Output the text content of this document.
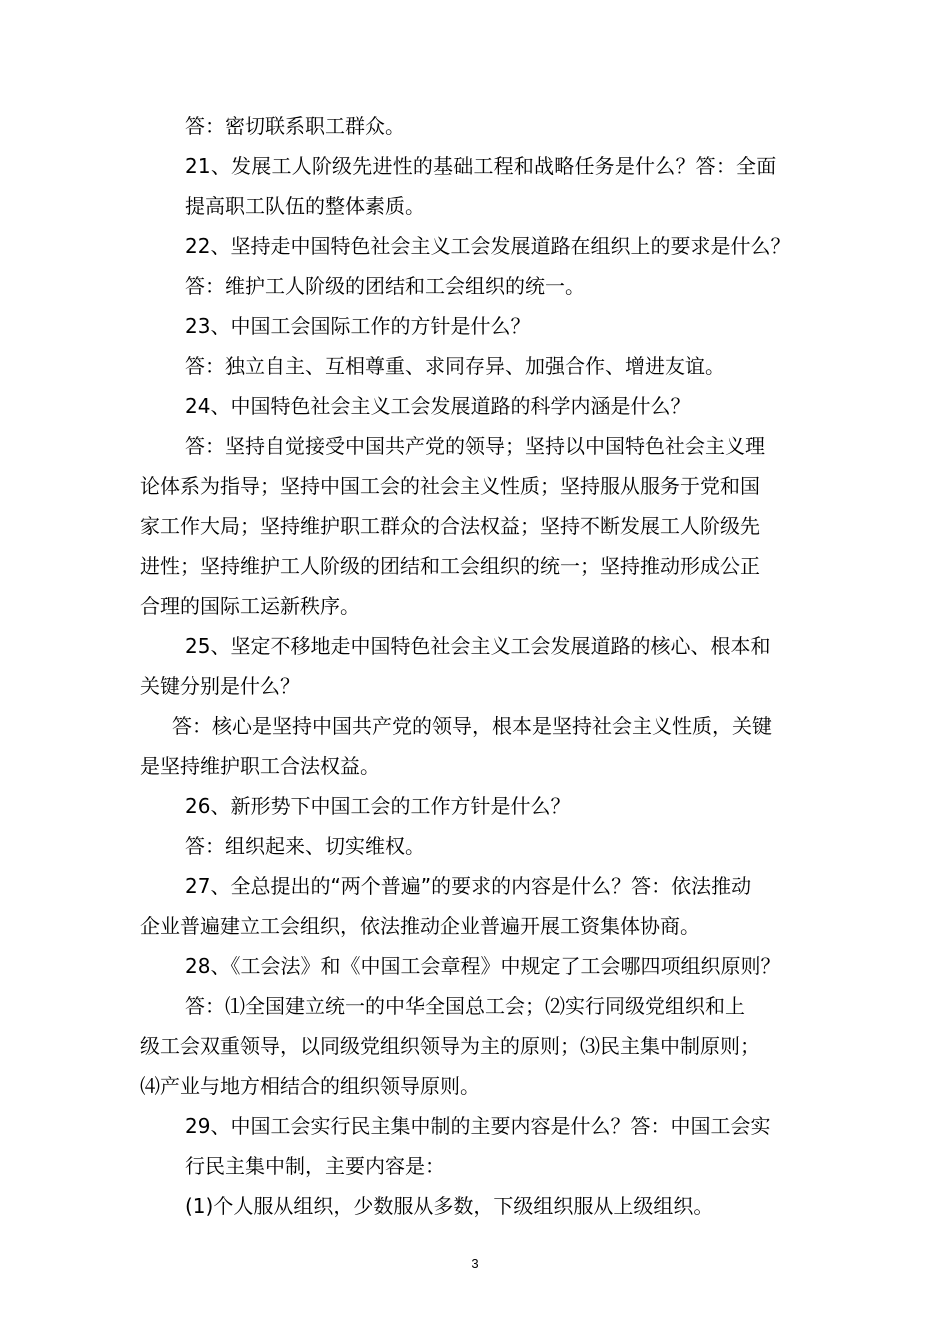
答：密切联系职工群众。
21、发展工人阶级先进性的基础工程和战略任务是什么？答：全面
提高职工队伍的整体素质。
22、坚持走中国特色社会主义工会发展道路在组织上的要求是什么？
答：维护工人阶级的团结和工会组织的统一。
23、中国工会国际工作的方针是什么？
答：独立自主、互相尊重、求同存异、加强合作、增进友谊。
24、中国特色社会主义工会发展道路的科学内涵是什么？
答：坚持自觉接受中国共产党的领导；坚持以中国特色社会主义理
论体系为指导；坚持中国工会的社会主义性质；坚持服从服务于党和国
家工作大局；坚持维护职工群众的合法权益；坚持不断发展工人阶级先
进性；坚持维护工人阶级的团结和工会组织的统一；坚持推动形成公正
合理的国际工运新秩序。
25、坚定不移地走中国特色社会主义工会发展道路的核心、根本和
关键分别是什么？
答：核心是坚持中国共产党的领导，根本是坚持社会主义性质，关键
是坚持维护职工合法权益。
26、新形势下中国工会的工作方针是什么？
答：组织起来、切实维权。
27、全总提出的“两个普遍”的要求的内容是什么？答：依法推动
企业普遍建立工会组织，依法推动企业普遍开展工资集体协商。
28、《工会法》和《中国工会章程》中规定了工会哪四项组织原则？
答：⑴全国建立统一的中华全国总工会；⑵实行同级党组织和上
级工会双重领导，以同级党组织领导为主的原则；⑶民主集中制原则；
⑷产业与地方相结合的组织领导原则。
29、中国工会实行民主集中制的主要内容是什么？答：中国工会实
行民主集中制，主要内容是：
(1)个人服从组织，少数服从多数，下级组织服从上级组织。
3
